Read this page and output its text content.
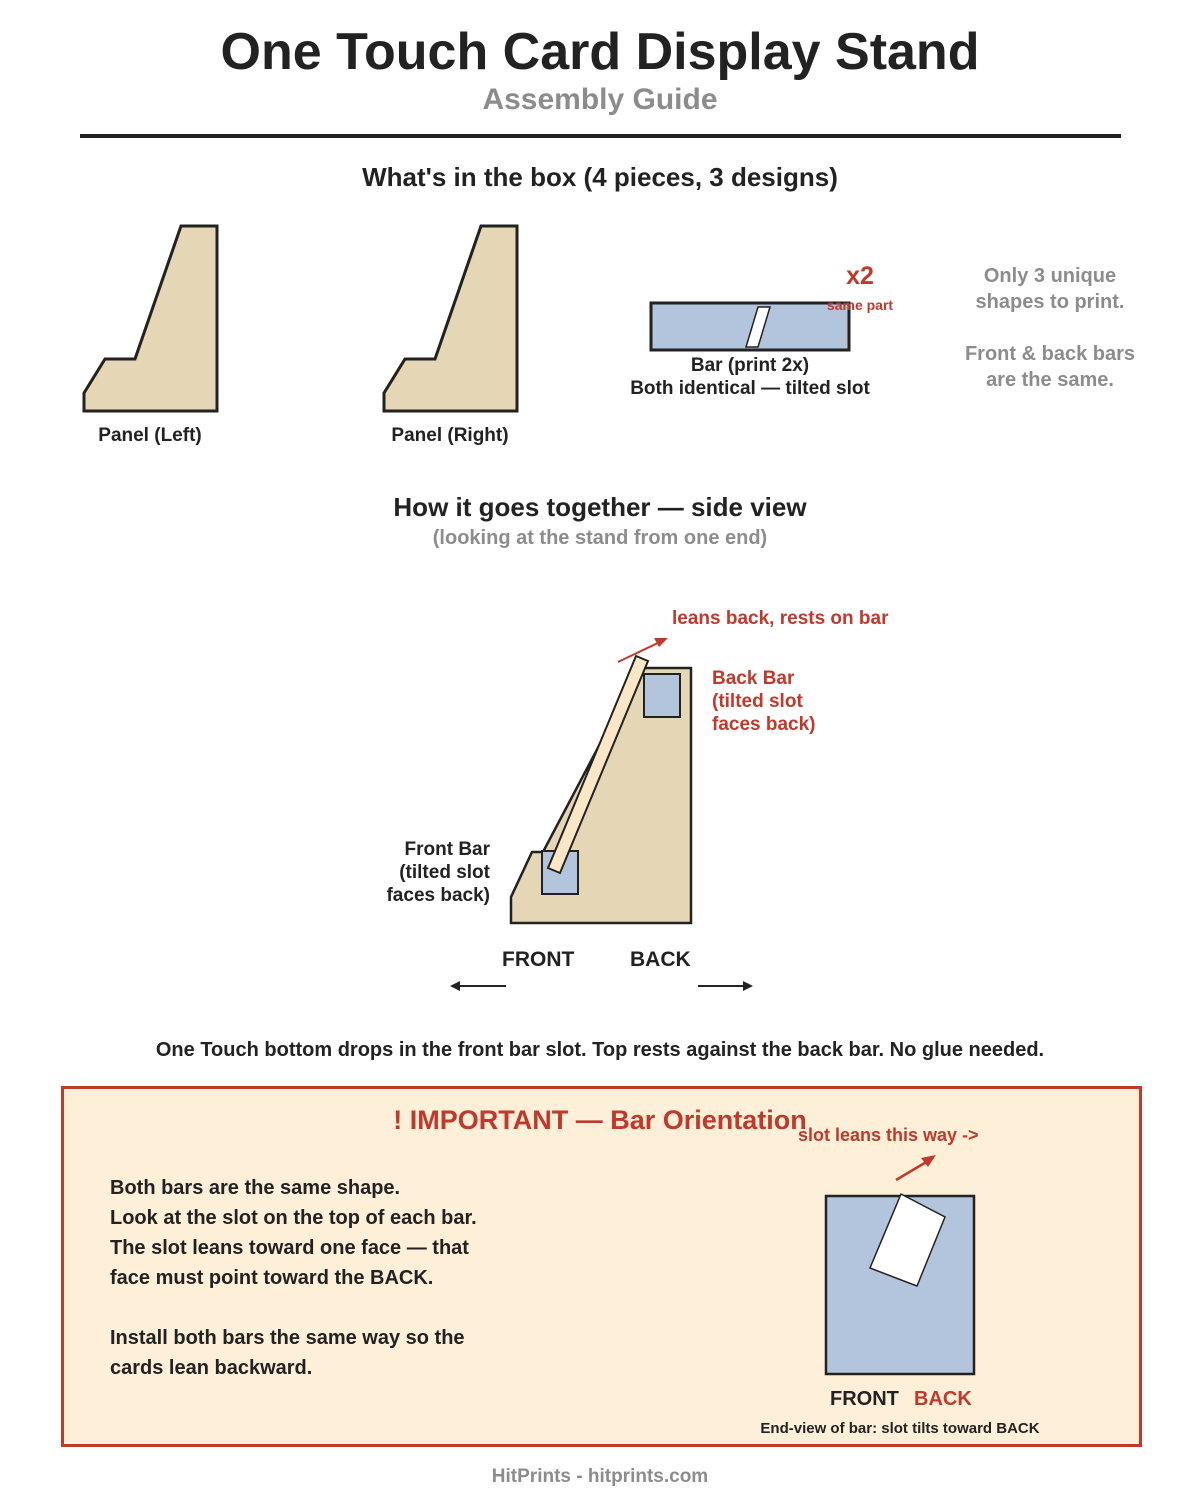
One Touch Card Display Stand
Assembly Guide
What's in the box (4 pieces, 3 designs)
Panel (Left)	Panel (Right)
x2
same part
Bar (print 2x)
Both identical — tilted slot
Only 3 unique
shapes to print.
Front & back bars
are the same.
How it goes together — side view
(looking at the stand from one end)
leans back, rests on bar
Back Bar
(tilted slot
faces back)
Front Bar
(tilted slot
faces back)
FRONT	BACK
One Touch bottom drops in the front bar slot. Top rests against the back bar. No glue needed.
! IMPORTANT — Bar Orientation
slot leans this way ->
Both bars are the same shape.
Look at the slot on the top of each bar.
The slot leans toward one face — that
face must point toward the BACK.
Install both bars the same way so the
cards lean backward.
FRONT BACK
End-view of bar: slot tilts toward BACK
HitPrints - hitprints.com
